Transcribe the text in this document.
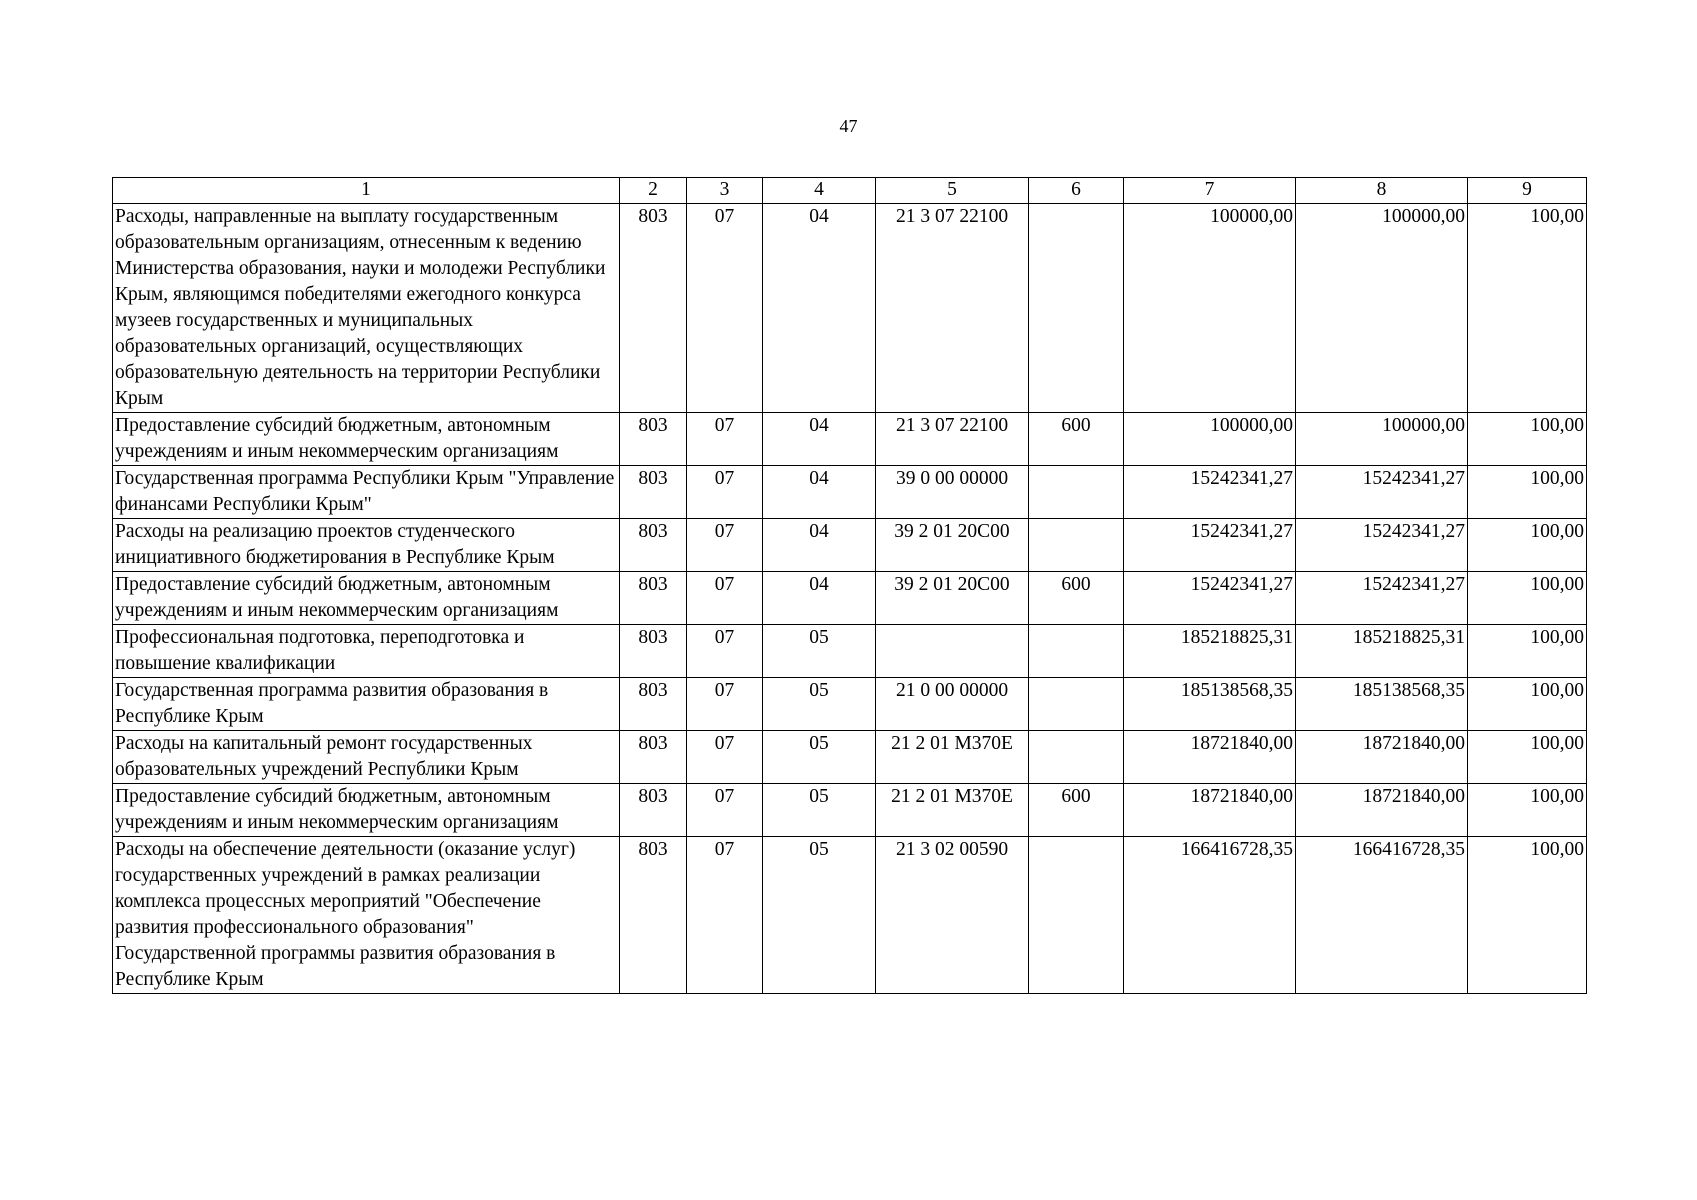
47
1	2	3	4	5	6	7	8	9
Расходы, направленные на выплату государственным образовательным организациям, отнесенным к ведению Министерства образования, науки и молодежи Республики Крым, являющимся победителями ежегодного конкурса музеев государственных и муниципальных образовательных организаций, осуществляющих образовательную деятельность на территории Республики Крым	803	07	04	21 3 07 22100		100000,00	100000,00	100,00
Предоставление субсидий бюджетным, автономным учреждениям и иным некоммерческим организациям	803	07	04	21 3 07 22100	600	100000,00	100000,00	100,00
Государственная программа Республики Крым "Управление финансами Республики Крым"	803	07	04	39 0 00 00000		15242341,27	15242341,27	100,00
Расходы на реализацию проектов студенческого инициативного бюджетирования в Республике Крым	803	07	04	39 2 01 20С00		15242341,27	15242341,27	100,00
Предоставление субсидий бюджетным, автономным учреждениям и иным некоммерческим организациям	803	07	04	39 2 01 20С00	600	15242341,27	15242341,27	100,00
Профессиональная подготовка, переподготовка и повышение квалификации	803	07	05			185218825,31	185218825,31	100,00
Государственная программа развития образования в Республике Крым	803	07	05	21 0 00 00000		185138568,35	185138568,35	100,00
Расходы на капитальный ремонт государственных образовательных учреждений Республики Крым	803	07	05	21 2 01 М370Е		18721840,00	18721840,00	100,00
Предоставление субсидий бюджетным, автономным учреждениям и иным некоммерческим организациям	803	07	05	21 2 01 М370Е	600	18721840,00	18721840,00	100,00
Расходы на обеспечение деятельности (оказание услуг) государственных учреждений в рамках реализации комплекса процессных мероприятий "Обеспечение развития профессионального образования" Государственной программы развития образования в Республике Крым	803	07	05	21 3 02 00590		166416728,35	166416728,35	100,00
